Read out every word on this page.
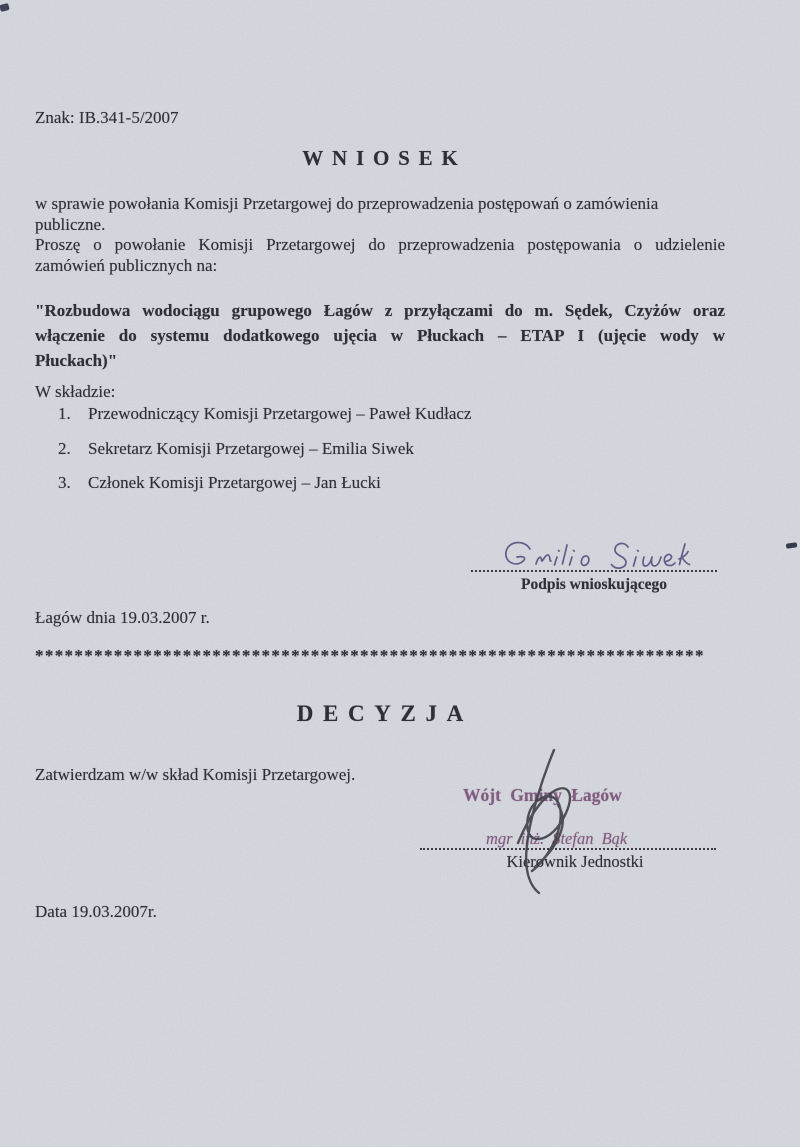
Znak: IB.341-5/2007
WNIOSEK
w sprawie powołania Komisji Przetargowej do przeprowadzenia postępowań o zamówienia
publiczne.
Proszę o powołanie Komisji Przetargowej do przeprowadzenia postępowania o udzielenie
zamówień publicznych na:
"Rozbudowa wodociągu grupowego Łagów z przyłączami do m. Sędek, Czyżów oraz
włączenie do systemu dodatkowego ujęcia w Płuckach – ETAP I (ujęcie wody w
Płuckach)"
W składzie:
1.	Przewodniczący Komisji Przetargowej – Paweł Kudłacz
2.	Sekretarz Komisji Przetargowej – Emilia Siwek
3.	Członek Komisji Przetargowej – Jan Łucki
Podpis wnioskującego
Łagów dnia 19.03.2007 r.
********************************************************************
DECYZJA
Zatwierdzam w/w skład Komisji Przetargowej.
Wójt Gminy Łagów
mgr inż. Stefan Bąk
Kierownik Jednostki
Data 19.03.2007r.
